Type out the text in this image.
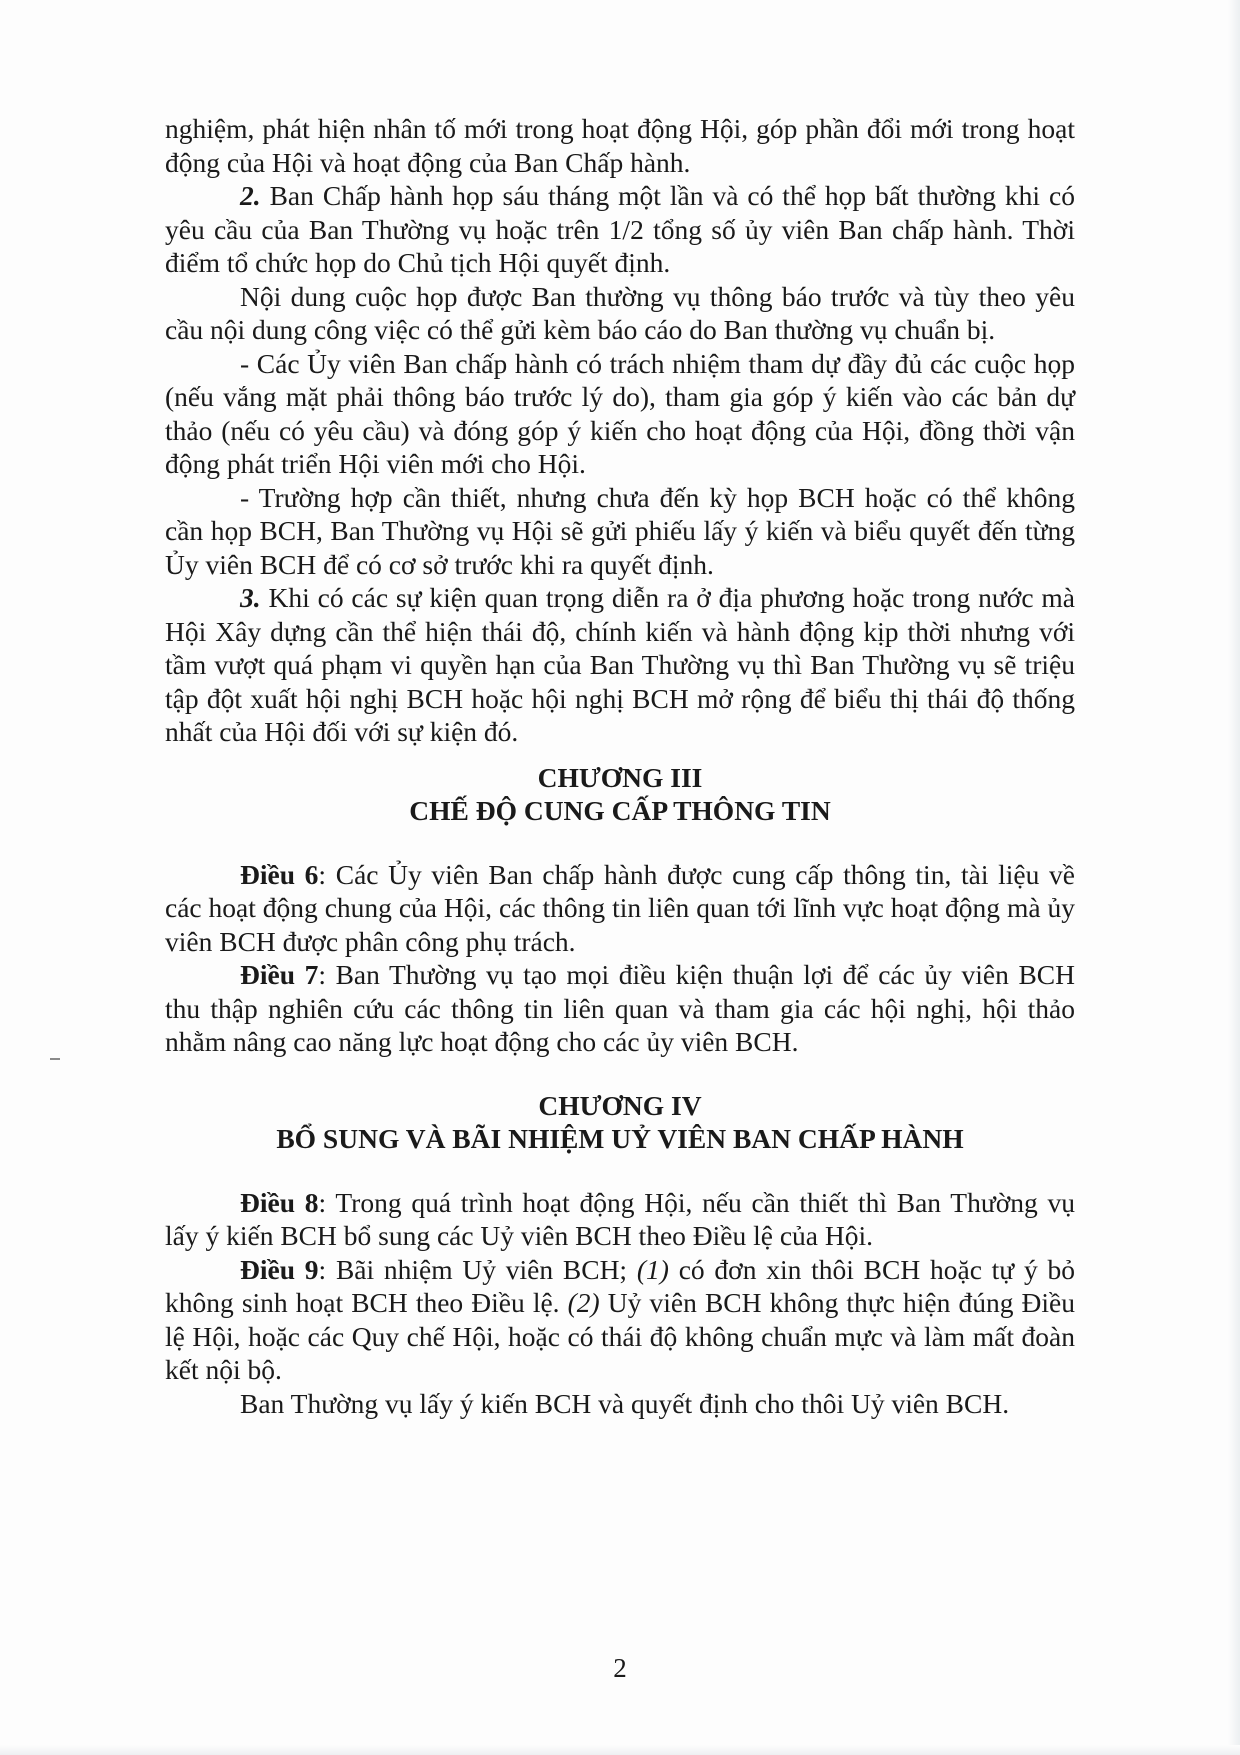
nghiệm, phát hiện nhân tố mới trong hoạt động Hội, góp phần đổi mới trong hoạt động của Hội và hoạt động của Ban Chấp hành.

2. Ban Chấp hành họp sáu tháng một lần và có thể họp bất thường khi có yêu cầu của Ban Thường vụ hoặc trên 1/2 tổng số ủy viên Ban chấp hành. Thời điểm tổ chức họp do Chủ tịch Hội quyết định.

Nội dung cuộc họp được Ban thường vụ thông báo trước và tùy theo yêu cầu nội dung công việc có thể gửi kèm báo cáo do Ban thường vụ chuẩn bị.

- Các Ủy viên Ban chấp hành có trách nhiệm tham dự đầy đủ các cuộc họp (nếu vắng mặt phải thông báo trước lý do), tham gia góp ý kiến vào các bản dự thảo (nếu có yêu cầu) và đóng góp ý kiến cho hoạt động của Hội, đồng thời vận động phát triển Hội viên mới cho Hội.

- Trường hợp cần thiết, nhưng chưa đến kỳ họp BCH hoặc có thể không cần họp BCH, Ban Thường vụ Hội sẽ gửi phiếu lấy ý kiến và biểu quyết đến từng Ủy viên BCH để có cơ sở trước khi ra quyết định.

3. Khi có các sự kiện quan trọng diễn ra ở địa phương hoặc trong nước mà Hội Xây dựng cần thể hiện thái độ, chính kiến và hành động kịp thời nhưng với tầm vượt quá phạm vi quyền hạn của Ban Thường vụ thì Ban Thường vụ sẽ triệu tập đột xuất hội nghị BCH hoặc hội nghị BCH mở rộng để biểu thị thái độ thống nhất của Hội đối với sự kiện đó.

CHƯƠNG III

CHẾ ĐỘ CUNG CẤP THÔNG TIN

Điều 6: Các Ủy viên Ban chấp hành được cung cấp thông tin, tài liệu về các hoạt động chung của Hội, các thông tin liên quan tới lĩnh vực hoạt động mà ủy viên BCH được phân công phụ trách.

Điều 7: Ban Thường vụ tạo mọi điều kiện thuận lợi để các ủy viên BCH thu thập nghiên cứu các thông tin liên quan và tham gia các hội nghị, hội thảo nhằm nâng cao năng lực hoạt động cho các ủy viên BCH.

CHƯƠNG IV

BỔ SUNG VÀ BÃI NHIỆM UỶ VIÊN BAN CHẤP HÀNH

Điều 8: Trong quá trình hoạt động Hội, nếu cần thiết thì Ban Thường vụ lấy ý kiến BCH bổ sung các Uỷ viên BCH theo Điều lệ của Hội.

Điều 9: Bãi nhiệm Uỷ viên BCH; (1) có đơn xin thôi BCH hoặc tự ý bỏ không sinh hoạt BCH theo Điều lệ. (2) Uỷ viên BCH không thực hiện đúng Điều lệ Hội, hoặc các Quy chế Hội, hoặc có thái độ không chuẩn mực và làm mất đoàn kết nội bộ.

Ban Thường vụ lấy ý kiến BCH và quyết định cho thôi Uỷ viên BCH.

2
